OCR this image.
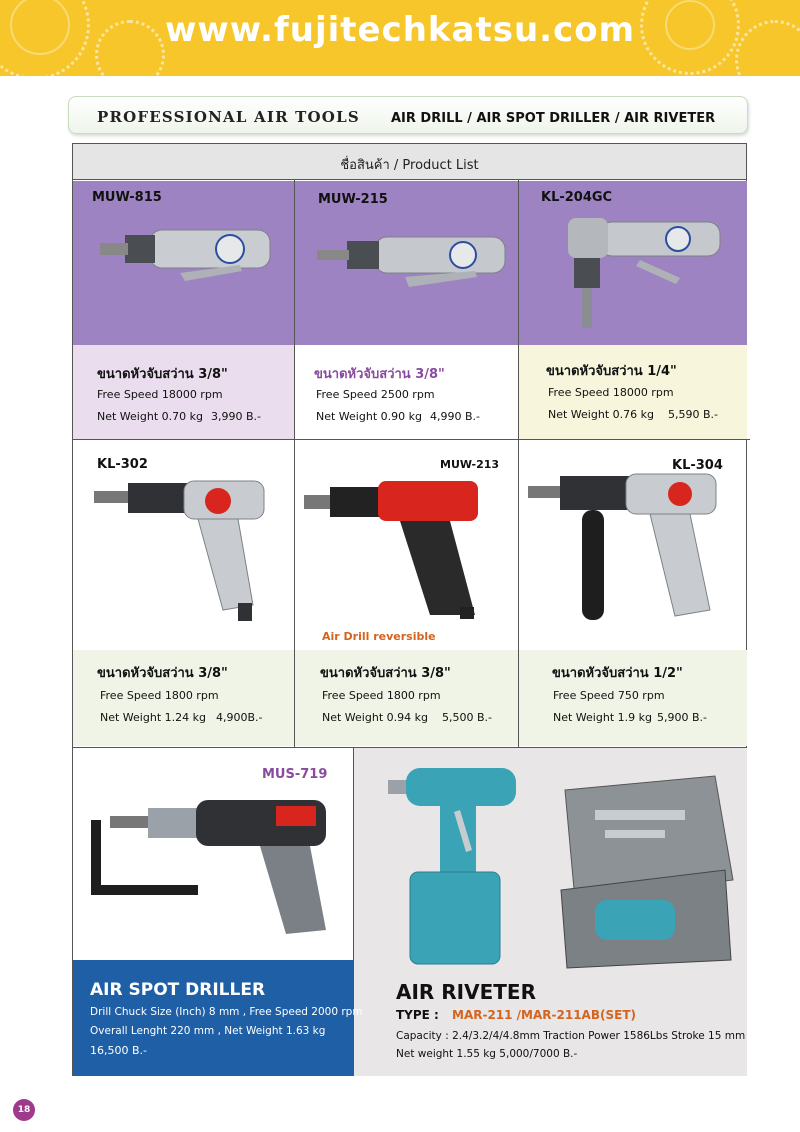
www.fujitechkatsu.com
PROFESSIONAL AIR TOOLS AIR DRILL / AIR SPOT DRILLER / AIR RIVETER
ชื่อสินค้า / Product List
MUW-815	MUW-215	KL-204GC
ขนาดหัวจับสว่าน 3/8"
Free Speed 18000 rpm
Net Weight 0.70 kg 3,990 B.-
ขนาดหัวจับสว่าน 3/8"
Free Speed 2500 rpm
Net Weight 0.90 kg 4,990 B.-
ขนาดหัวจับสว่าน 1/4"
Free Speed 18000 rpm
Net Weight 0.76 kg 5,590 B.-
KL-302	MUW-213	KL-304
Air Drill reversible
ขนาดหัวจับสว่าน 3/8"
Free Speed 1800 rpm
Net Weight 1.24 kg 4,900B.-
ขนาดหัวจับสว่าน 3/8"
Free Speed 1800 rpm
Net Weight 0.94 kg 5,500 B.-
ขนาดหัวจับสว่าน 1/2"
Free Speed 750 rpm
Net Weight 1.9 kg 5,900 B.-
MUS-719
AIR SPOT DRILLER
Drill Chuck Size (Inch) 8 mm , Free Speed 2000 rpm
Overall Lenght 220 mm , Net Weight 1.63 kg
16,500 B.-
AIR RIVETER
TYPE : MAR-211 /MAR-211AB(SET)
Capacity : 2.4/3.2/4/4.8mm Traction Power 1586Lbs Stroke 15 mm
Net weight 1.55 kg 5,000/7000 B.-
18
